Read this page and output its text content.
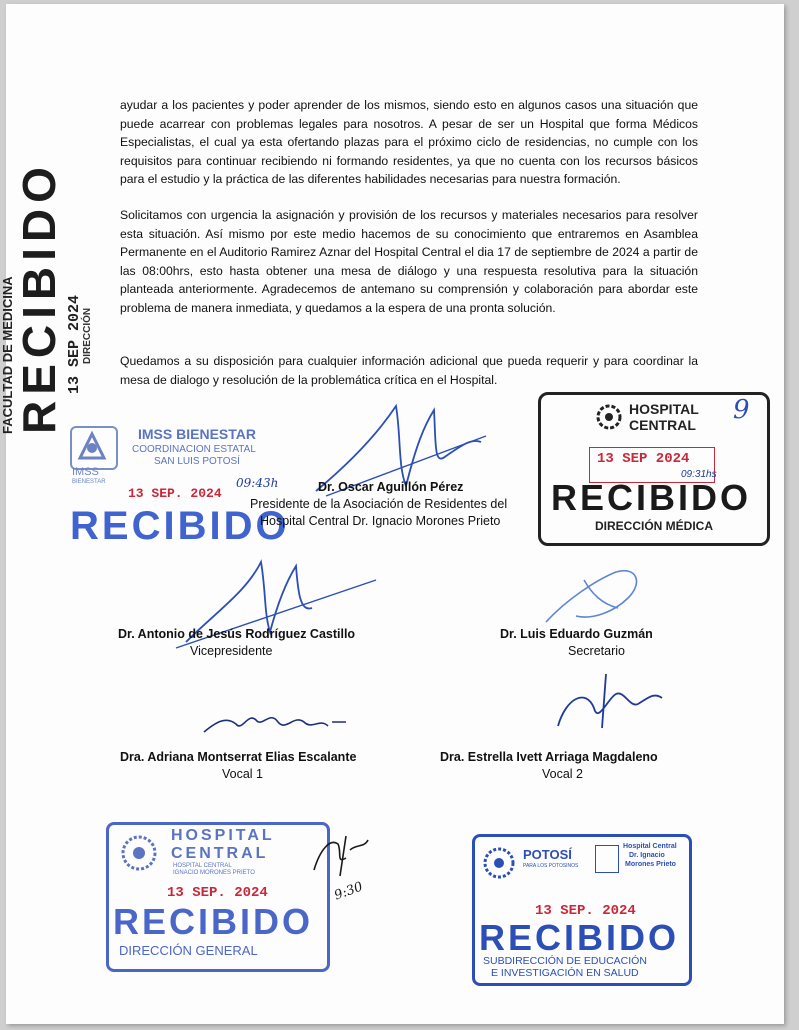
ayudar a los pacientes y poder aprender de los mismos, siendo esto en algunos casos una situación que puede acarrear con problemas legales para nosotros. A pesar de ser un Hospital que forma Médicos Especialistas, el cual ya esta ofertando plazas para el próximo ciclo de residencias, no cumple con los requisitos para continuar recibiendo ni formando residentes, ya que no cuenta con los recursos básicos para el estudio y la práctica de las diferentes habilidades necesarias para nuestra formación.

Solicitamos con urgencia la asignación y provisión de los recursos y materiales necesarios para resolver esta situación. Así mismo por este medio hacemos de su conocimiento que entraremos en Asamblea Permanente en el Auditorio Ramirez Aznar del Hospital Central el dia 17 de septiembre de 2024 a partir de las 08:00hrs, esto hasta obtener una mesa de diálogo y una respuesta resolutiva para la situación planteada anteriormente. Agradecemos de antemano su comprensión y colaboración para abordar este problema de manera inmediata, y quedamos a la espera de una pronta solución.

Quedamos a su disposición para cualquier información adicional que pueda requerir y para coordinar la mesa de dialogo y resolución de la problemática crítica en el Hospital.

FACULTAD DE MEDICINA
RECIBIDO 13 SEP 2024 DIRECCIÓN
IMSS
BIENESTAR
IMSS BIENESTAR
COORDINACION ESTATAL
SAN LUIS POTOSÍ
13 SEP. 2024
09:43h
RECIBIDO
Dr. Oscar Aguillón Pérez
Presidente de la Asociación de Residentes del
Hospital Central Dr. Ignacio Morones Prieto
HOSPITAL
CENTRAL
13 SEP 2024
09:31hs
RECIBIDO
DIRECCIÓN MÉDICA
9
Dr. Antonio de Jesús Rodríguez Castillo
Vicepresidente
Dr. Luis Eduardo Guzmán
Secretario
Dra. Adriana Montserrat Elias Escalante
Vocal 1
Dra. Estrella Ivett Arriaga Magdaleno
Vocal 2
HOSPITAL
CENTRAL
HOSPITAL CENTRAL
IGNACIO MORONES PRIETO
13 SEP. 2024
RECIBIDO
DIRECCIÓN GENERAL
9:30
POTOSÍ
PARA LOS POTOSINOS
Hospital Central
Dr. Ignacio
Morones Prieto
13 SEP. 2024
RECIBIDO
SUBDIRECCIÓN DE EDUCACIÓN
E INVESTIGACIÓN EN SALUD
